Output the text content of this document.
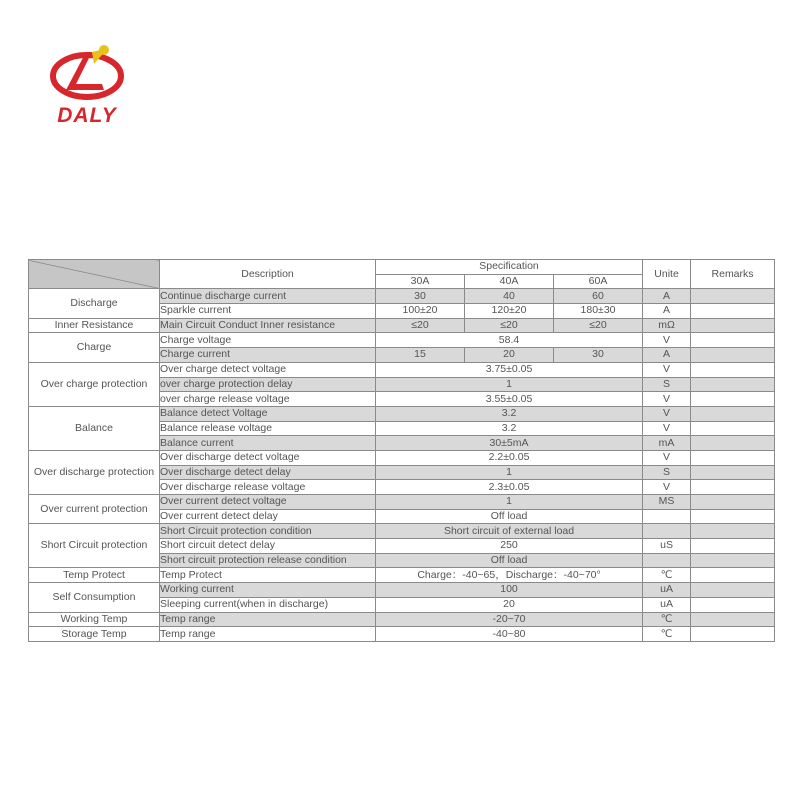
DALY
	Description	Specification			Unite	Remarks
		30A	40A	60A		
Discharge	Continue discharge current	30	40	60	A	
	Sparkle current	100±20	120±20	180±30	A	
Inner Resistance	Main Circuit Conduct Inner resistance	≤20	≤20	≤20	mΩ	
Charge	Charge voltage	58.4			V	
	Charge current	15	20	30	A	
Over charge protection	Over charge detect voltage	3.75±0.05			V	
	over charge protection delay	1			S	
	over charge release voltage	3.55±0.05			V	
Balance	Balance detect Voltage	3.2			V	
	Balance release voltage	3.2			V	
	Balance current	30±5mA			mA	
Over discharge protection	Over discharge detect voltage	2.2±0.05			V	
	Over discharge detect delay	1			S	
	Over discharge release voltage	2.3±0.05			V	
Over current protection	Over current detect voltage	1			MS	
	Over current detect delay	Off load				
Short Circuit protection	Short Circuit protection condition	Short circuit of external load				
	Short circuit detect delay	250			uS	
	Short circuit protection release condition	Off load				
Temp Protect	Temp Protect	Charge：-40~65，Discharge：-40~70°			℃	
Self Consumption	Working current	100			uA	
	Sleeping current(when in discharge)	20			uA	
Working Temp	Temp range	-20~70			℃	
Storage Temp	Temp range	-40~80			℃	
